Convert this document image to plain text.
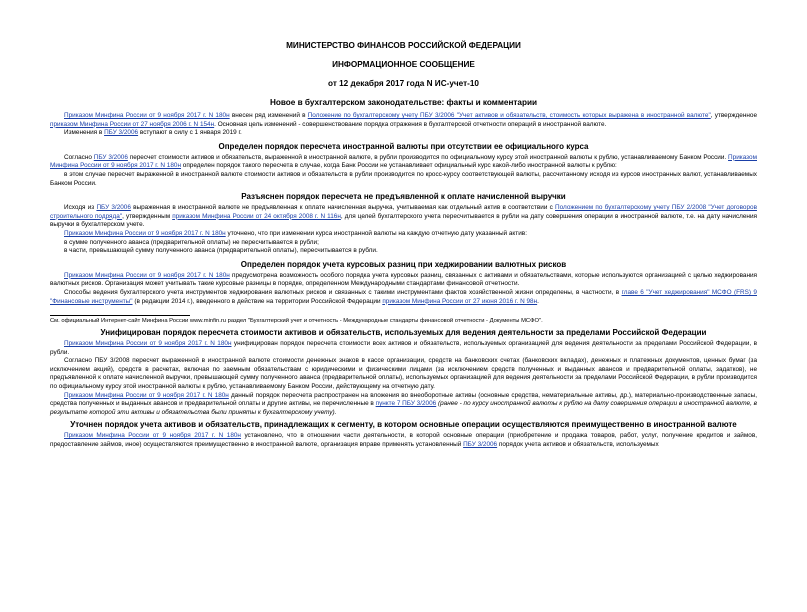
МИНИСТЕРСТВО ФИНАНСОВ РОССИЙСКОЙ ФЕДЕРАЦИИ
ИНФОРМАЦИОННОЕ СООБЩЕНИЕ
от 12 декабря 2017 года N ИС-учет-10
Новое в бухгалтерском законодательстве: факты и комментарии

Приказом Минфина России от 9 ноября 2017 г. N 180н внесен ряд изменений в Положение по бухгалтерскому учету ПБУ 3/2006 "Учет активов и обязательств, стоимость которых выражена в иностранной валюте", утвержденное приказом Минфина России от 27 ноября 2006 г. N 154н. Основная цель изменений - совершенствование порядка отражения в бухгалтерской отчетности операций в иностранной валюте.

Изменения в ПБУ 3/2006 вступают в силу с 1 января 2019 г.

Определен порядок пересчета иностранной валюты при отсутствии ее официального курса

Согласно ПБУ 3/2006 пересчет стоимости активов и обязательств, выраженной в иностранной валюте, в рубли производится по официальному курсу этой иностранной валюты к рублю, устанавливаемому Банком России. Приказом Минфина России от 9 ноября 2017 г. N 180н определен порядок такого пересчета в случае, когда Банк России не устанавливает официальный курс какой-либо иностранной валюты к рублю:

в этом случае пересчет выраженной в иностранной валюте стоимости активов и обязательств в рубли производится по кросс-курсу соответствующей валюты, рассчитанному исходя из курсов иностранных валют, устанавливаемых Банком России.

Разъяснен порядок пересчета не предъявленной к оплате начисленной выручки

Исходя из ПБУ 3/2006 выраженная в иностранной валюте не предъявленная к оплате начисленная выручка, учитываемая как отдельный актив в соответствии с Положением по бухгалтерскому учету ПБУ 2/2008 "Учет договоров строительного подряда", утвержденным приказом Минфина России от 24 октября 2008 г. N 116н, для целей бухгалтерского учета пересчитывается в рубли на дату совершения операции в иностранной валюте, т.е. на дату начисления выручки в бухгалтерском учете.

Приказом Минфина России от 9 ноября 2017 г. N 180н уточнено, что при изменении курса иностранной валюты на каждую отчетную дату указанный актив:

в сумме полученного аванса (предварительной оплаты) не пересчитывается в рубли;

в части, превышающей сумму полученного аванса (предварительной оплаты), пересчитывается в рубли.

Определен порядок учета курсовых разниц при хеджировании валютных рисков

Приказом Минфина России от 9 ноября 2017 г. N 180н предусмотрена возможность особого порядка учета курсовых разниц, связанных с активами и обязательствами, которые используются организацией с целью хеджирования валютных рисков. Организация может учитывать такие курсовые разницы в порядке, определенном Международными стандартами финансовой отчетности.

Способы ведения бухгалтерского учета инструментов хеджирования валютных рисков и связанных с такими инструментами фактов хозяйственной жизни определены, в частности, в главе 6 "Учет хеджирования" МСФО (FRS) 9 "Финансовые инструменты" (в редакции 2014 г.), введенного в действие на территории Российской Федерации приказом Минфина России от 27 июня 2016 г. N 98н.

См. официальный Интернет-сайт Минфина России www.minfin.ru раздел "Бухгалтерский учет и отчетность - Международные стандарты финансовой отчетности - Документы МСФО".

Унифицирован порядок пересчета стоимости активов и обязательств, используемых для ведения деятельности за пределами Российской Федерации

Приказом Минфина России от 9 ноября 2017 г. N 180н унифицирован порядок пересчета стоимости всех активов и обязательств, используемых организацией для ведения деятельности за пределами Российской Федерации, в рубли.

Согласно ПБУ 3/2008 пересчет выраженной в иностранной валюте стоимости денежных знаков в кассе организации, средств на банковских счетах (банковских вкладах), денежных и платежных документов, ценных бумаг (за исключением акций), средств в расчетах, включая по заемным обязательствам с юридическими и физическими лицами (за исключением средств полученных и выданных авансов и предварительной оплаты, задатков), не предъявленной к оплате начисленной выручки, превышающей сумму полученного аванса (предварительной оплаты), используемых организацией для ведения деятельности за пределами Российской Федерации, в рубли производится по официальному курсу этой иностранной валюты к рублю, устанавливаемому Банком России, действующему на отчетную дату.

Приказом Минфина России от 9 ноября 2017 г. N 180н данный порядок пересчета распространен на вложения во внеоборотные активы (основные средства, нематериальные активы, др.), материально-производственные запасы, средства полученных и выданных авансов и предварительной оплаты и другие активы, не перечисленные в пункте 7 ПБУ 3/2006 (ранее - по курсу иностранной валюты к рублю на дату совершения операции в иностранной валюте, в результате которой эти активы и обязательства были приняты к бухгалтерскому учету).

Уточнен порядок учета активов и обязательств, принадлежащих к сегменту, в котором основные операции осуществляются преимущественно в иностранной валюте

Приказом Минфина России от 9 ноября 2017 г. N 180н установлено, что в отношении части деятельности, в которой основные операции (приобретение и продажа товаров, работ, услуг, получение кредитов и займов, предоставление займов, иное) осуществляются преимущественно в иностранной валюте, организация вправе применять установленный ПБУ 3/2006 порядок учета активов и обязательств, используемых
